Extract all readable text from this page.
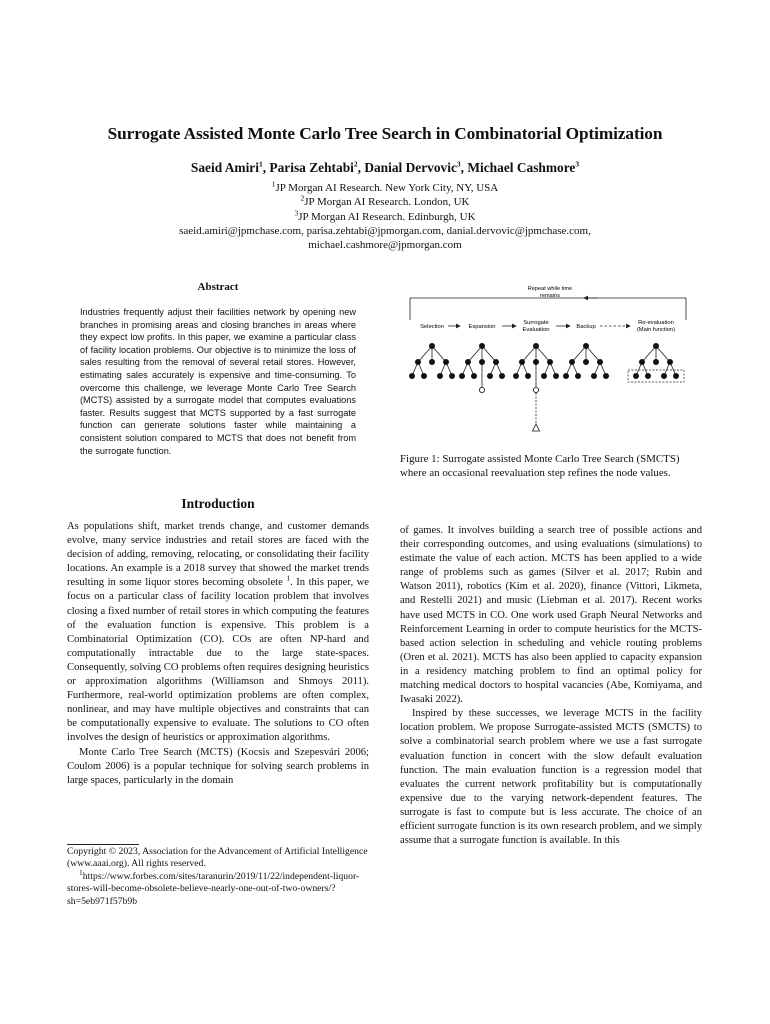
Surrogate Assisted Monte Carlo Tree Search in Combinatorial Optimization
Saeid Amiri$^1$, Parisa Zehtabi$^2$, Danial Dervovic$^3$, Michael Cashmore$^3$
$^1$JP Morgan AI Research. New York City, NY, USA
$^2$JP Morgan AI Research. London, UK
$^3$JP Morgan AI Research. Edinburgh, UK
saeid.amiri@jpmchase.com, parisa.zehtabi@jpmorgan.com, danial.dervovic@jpmchase.com,
michael.cashmore@jpmorgan.com
Abstract
Industries frequently adjust their facilities network by opening new branches in promising areas and closing branches in areas where they expect low profits. In this paper, we examine a particular class of facility location problems. Our objective is to minimize the loss of sales resulting from the removal of several retail stores. However, estimating sales accurately is expensive and time-consuming. To overcome this challenge, we leverage Monte Carlo Tree Search (MCTS) assisted by a surrogate model that computes evaluations faster. Results suggest that MCTS supported by a fast surrogate function can generate solutions faster while maintaining a consistent solution compared to MCTS that does not benefit from the surrogate function.
Introduction

As populations shift, market trends change, and customer demands evolve, many service industries and retail stores are faced with the decision of adding, removing, relocating, or consolidating their facility locations. An example is a 2018 survey that showed the market trends resulting in some liquor stores becoming obsolete $^1$. In this paper, we focus on a particular class of facility location problem that involves closing a fixed number of retail stores in which computing the features of the evaluation function is expensive. This problem is a Combinatorial Optimization (CO). COs are often NP-hard and computationally intractable due to the large state-spaces. Consequently, solving CO problems often requires designing heuristics or approximation algorithms (Williamson and Shmoys 2011). Furthermore, real-world optimization problems are often complex, nonlinear, and may have multiple objectives and constraints that can be computationally expensive to evaluate. The solutions to CO often involves the design of heuristics or approximation algorithms.

Monte Carlo Tree Search (MCTS) (Kocsis and Szepesvári 2006; Coulom 2006) is a popular technique for solving search problems in large spaces, particularly in the domain

Copyright © 2023, Association for the Advancement of Artificial Intelligence (www.aaai.org). All rights reserved.

$^1$https://www.forbes.com/sites/taranurin/2019/11/22/independent-liquor-stores-will-become-obsolete-believe-nearly-one-out-of-two-owners/?sh=5eb971f57b9b

Repeat while time
remains
Selection	Expansion
Surrogate
Evaluation	Backup
Re-evaluation
(Main function)
Figure 1: Surrogate assisted Monte Carlo Tree Search (SMCTS) where an occasional reevaluation step refines the node values.

of games. It involves building a search tree of possible actions and their corresponding outcomes, and using evaluations (simulations) to estimate the value of each action. MCTS has been applied to a wide range of problems such as games (Silver et al. 2017; Rubin and Watson 2011), robotics (Kim et al. 2020), finance (Vittori, Likmeta, and Restelli 2021) and music (Liebman et al. 2017). Recent works have used MCTS in CO. One work used Graph Neural Networks and Reinforcement Learning in order to compute heuristics for the MCTS-based action selection in scheduling and vehicle routing problems (Oren et al. 2021). MCTS has also been applied to capacity expansion in a residency matching problem to find an optimal policy for matching medical doctors to hospital vacancies (Abe, Komiyama, and Iwasaki 2022).

Inspired by these successes, we leverage MCTS in the facility location problem. We propose Surrogate-assisted MCTS (SMCTS) to solve a combinatorial search problem where we use a fast surrogate evaluation function in concert with the slow default evaluation function. The main evaluation function is a regression model that evaluates the current network profitability but is computationally expensive due to the varying network-dependent features. The surrogate is fast to compute but is less accurate. The choice of an efficient surrogate function is its own research problem, and we simply assume that a surrogate function is available. In this
